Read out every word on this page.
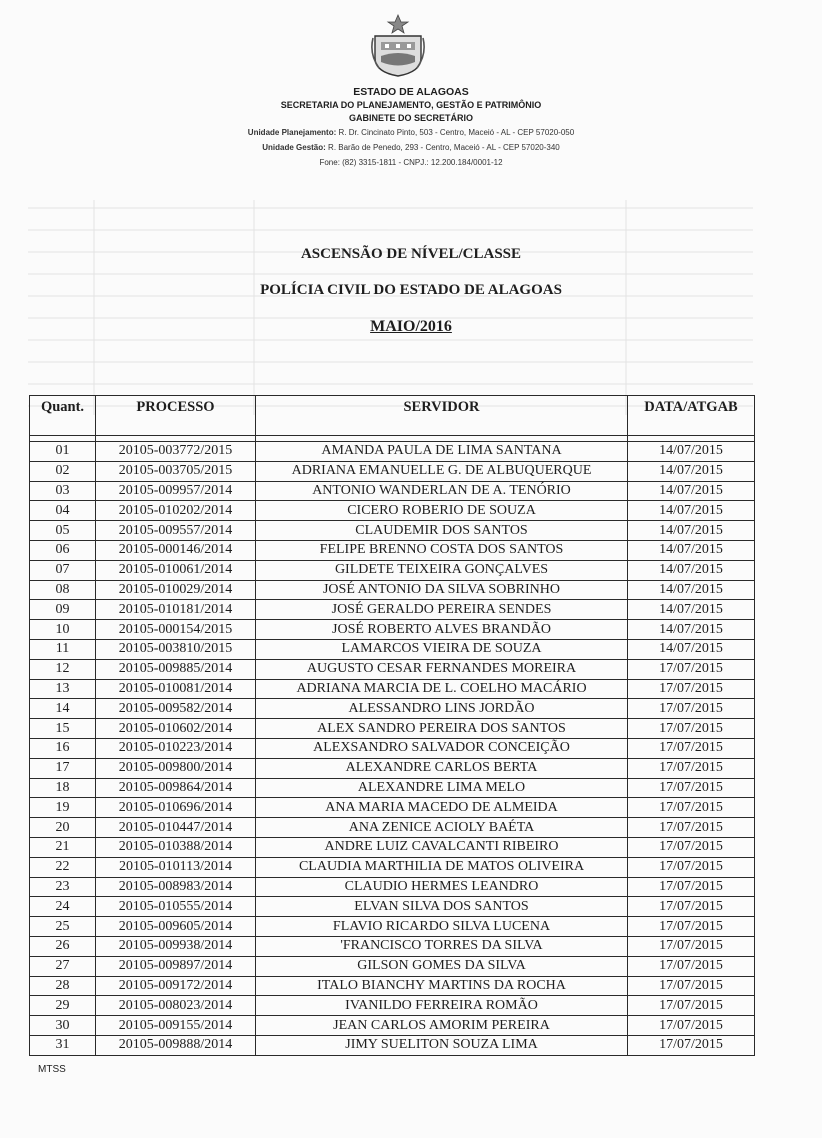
ESTADO DE ALAGOAS
SECRETARIA DO PLANEJAMENTO, GESTÃO E PATRIMÔNIO
GABINETE DO SECRETÁRIO
Unidade Planejamento: R. Dr. Cincinato Pinto, 503 - Centro, Maceió - AL - CEP 57020-050
Unidade Gestão: R. Barão de Penedo, 293 - Centro, Maceió - AL - CEP 57020-340
Fone: (82) 3315-1811 - CNPJ.: 12.200.184/0001-12
ASCENSÃO DE NÍVEL/CLASSE
POLÍCIA CIVIL DO ESTADO DE ALAGOAS
MAIO/2016
Quant.	PROCESSO	SERVIDOR	DATA/ATGAB

01	20105-003772/2015	AMANDA PAULA DE LIMA SANTANA	14/07/2015
02	20105-003705/2015	ADRIANA EMANUELLE G. DE ALBUQUERQUE	14/07/2015
03	20105-009957/2014	ANTONIO WANDERLAN DE A. TENÓRIO	14/07/2015
04	20105-010202/2014	CICERO ROBERIO DE SOUZA	14/07/2015
05	20105-009557/2014	CLAUDEMIR DOS SANTOS	14/07/2015
06	20105-000146/2014	FELIPE BRENNO COSTA DOS SANTOS	14/07/2015
07	20105-010061/2014	GILDETE TEIXEIRA GONÇALVES	14/07/2015
08	20105-010029/2014	JOSÉ ANTONIO DA SILVA SOBRINHO	14/07/2015
09	20105-010181/2014	JOSÉ GERALDO PEREIRA SENDES	14/07/2015
10	20105-000154/2015	JOSÉ ROBERTO ALVES BRANDÃO	14/07/2015
11	20105-003810/2015	LAMARCOS VIEIRA DE SOUZA	14/07/2015
12	20105-009885/2014	AUGUSTO CESAR FERNANDES MOREIRA	17/07/2015
13	20105-010081/2014	ADRIANA MARCIA DE L. COELHO MACÁRIO	17/07/2015
14	20105-009582/2014	ALESSANDRO LINS JORDÃO	17/07/2015
15	20105-010602/2014	ALEX SANDRO PEREIRA DOS SANTOS	17/07/2015
16	20105-010223/2014	ALEXSANDRO SALVADOR CONCEIÇÃO	17/07/2015
17	20105-009800/2014	ALEXANDRE CARLOS BERTA	17/07/2015
18	20105-009864/2014	ALEXANDRE LIMA MELO	17/07/2015
19	20105-010696/2014	ANA MARIA MACEDO DE ALMEIDA	17/07/2015
20	20105-010447/2014	ANA ZENICE ACIOLY BAÉTA	17/07/2015
21	20105-010388/2014	ANDRE LUIZ CAVALCANTI RIBEIRO	17/07/2015
22	20105-010113/2014	CLAUDIA MARTHILIA DE MATOS OLIVEIRA	17/07/2015
23	20105-008983/2014	CLAUDIO HERMES LEANDRO	17/07/2015
24	20105-010555/2014	ELVAN SILVA DOS SANTOS	17/07/2015
25	20105-009605/2014	FLAVIO RICARDO SILVA LUCENA	17/07/2015
26	20105-009938/2014	'FRANCISCO TORRES DA SILVA	17/07/2015
27	20105-009897/2014	GILSON GOMES DA SILVA	17/07/2015
28	20105-009172/2014	ITALO BIANCHY MARTINS DA ROCHA	17/07/2015
29	20105-008023/2014	IVANILDO FERREIRA ROMÃO	17/07/2015
30	20105-009155/2014	JEAN CARLOS AMORIM PEREIRA	17/07/2015
31	20105-009888/2014	JIMY SUELITON SOUZA LIMA	17/07/2015
MTSS
